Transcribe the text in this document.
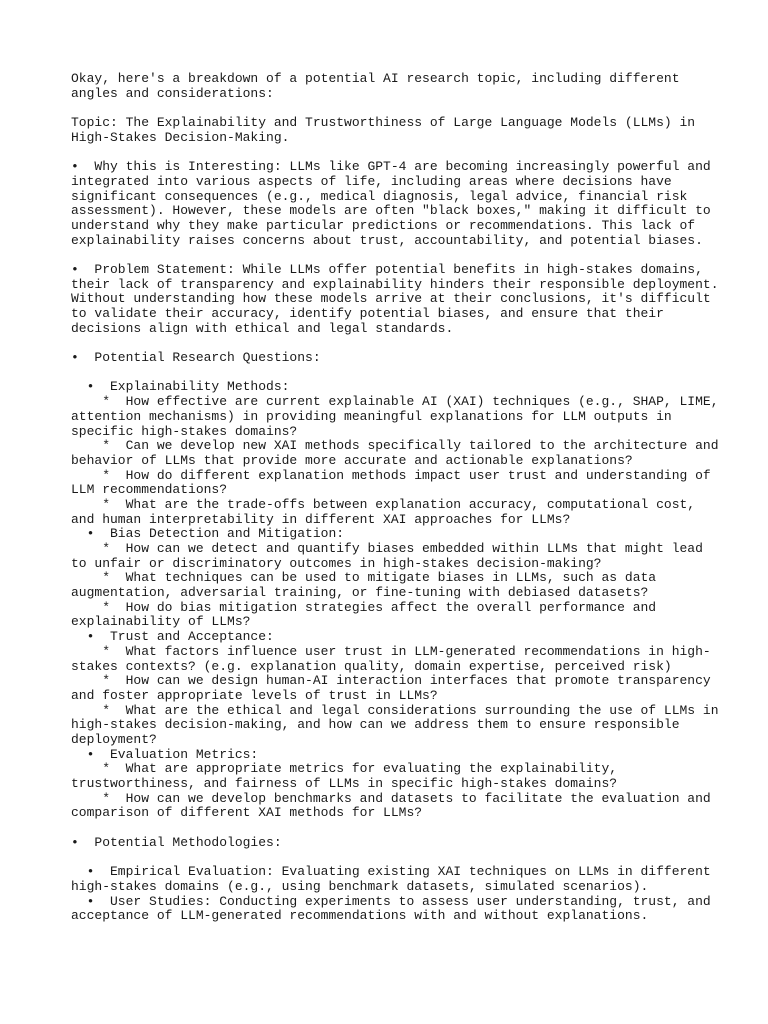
Okay, here's a breakdown of a potential AI research topic, including different
angles and considerations:
Topic: The Explainability and Trustworthiness of Large Language Models (LLMs) in
High-Stakes Decision-Making.
•  Why this is Interesting: LLMs like GPT-4 are becoming increasingly powerful and
integrated into various aspects of life, including areas where decisions have
significant consequences (e.g., medical diagnosis, legal advice, financial risk
assessment). However, these models are often "black boxes," making it difficult to
understand why they make particular predictions or recommendations. This lack of
explainability raises concerns about trust, accountability, and potential biases.
•  Problem Statement: While LLMs offer potential benefits in high-stakes domains,
their lack of transparency and explainability hinders their responsible deployment.
Without understanding how these models arrive at their conclusions, it's difficult
to validate their accuracy, identify potential biases, and ensure that their
decisions align with ethical and legal standards.
•  Potential Research Questions:
•  Explainability Methods:
*  How effective are current explainable AI (XAI) techniques (e.g., SHAP, LIME,
attention mechanisms) in providing meaningful explanations for LLM outputs in
specific high-stakes domains?
*  Can we develop new XAI methods specifically tailored to the architecture and
behavior of LLMs that provide more accurate and actionable explanations?
*  How do different explanation methods impact user trust and understanding of
LLM recommendations?
*  What are the trade-offs between explanation accuracy, computational cost,
and human interpretability in different XAI approaches for LLMs?
•  Bias Detection and Mitigation:
*  How can we detect and quantify biases embedded within LLMs that might lead
to unfair or discriminatory outcomes in high-stakes decision-making?
*  What techniques can be used to mitigate biases in LLMs, such as data
augmentation, adversarial training, or fine-tuning with debiased datasets?
*  How do bias mitigation strategies affect the overall performance and
explainability of LLMs?
•  Trust and Acceptance:
*  What factors influence user trust in LLM-generated recommendations in high-
stakes contexts? (e.g. explanation quality, domain expertise, perceived risk)
*  How can we design human-AI interaction interfaces that promote transparency
and foster appropriate levels of trust in LLMs?
*  What are the ethical and legal considerations surrounding the use of LLMs in
high-stakes decision-making, and how can we address them to ensure responsible
deployment?
•  Evaluation Metrics:
*  What are appropriate metrics for evaluating the explainability,
trustworthiness, and fairness of LLMs in specific high-stakes domains?
*  How can we develop benchmarks and datasets to facilitate the evaluation and
comparison of different XAI methods for LLMs?
•  Potential Methodologies:
•  Empirical Evaluation: Evaluating existing XAI techniques on LLMs in different
high-stakes domains (e.g., using benchmark datasets, simulated scenarios).
•  User Studies: Conducting experiments to assess user understanding, trust, and
acceptance of LLM-generated recommendations with and without explanations.
